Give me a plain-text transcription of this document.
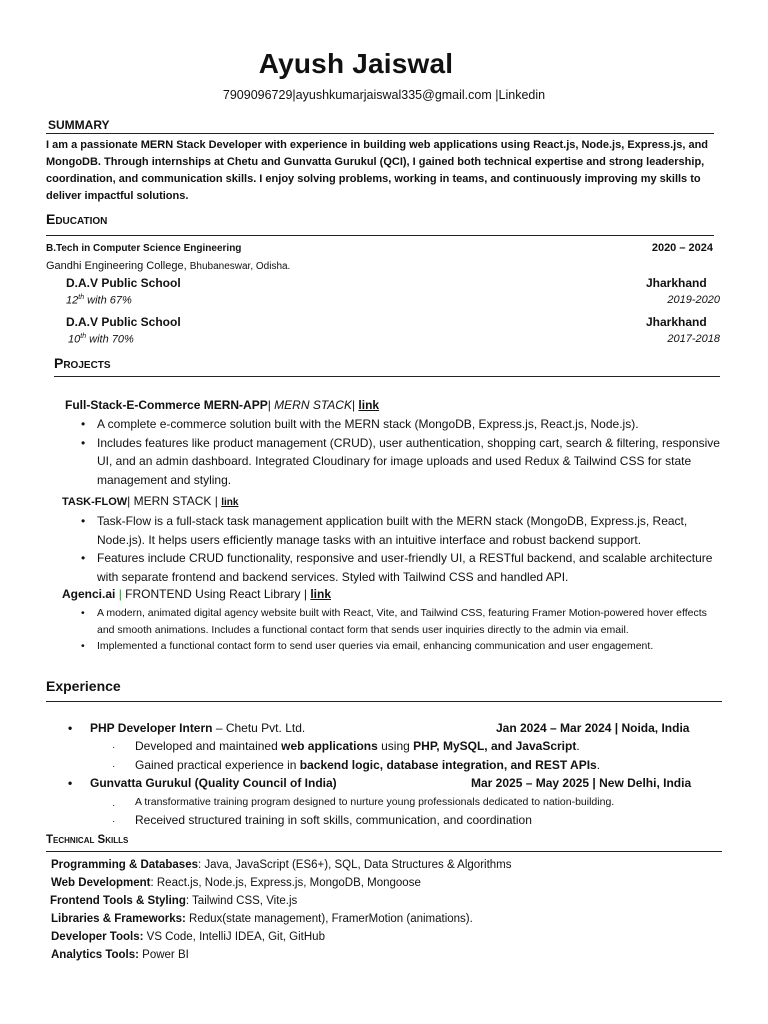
Ayush Jaiswal
7909096729|ayushkumarjaiswal335@gmail.com |Linkedin
SUMMARY
I am a passionate MERN Stack Developer with experience in building web applications using React.js, Node.js, Express.js, and MongoDB. Through internships at Chetu and Gunvatta Gurukul (QCI), I gained both technical expertise and strong leadership, coordination, and communication skills. I enjoy solving problems, working in teams, and continuously improving my skills to deliver impactful solutions.
Education
B.Tech in Computer Science Engineering	2020 – 2024
Gandhi Engineering College, Bhubaneswar, Odisha.
D.A.V Public School	Jharkhand
12th with 67%	2019-2020
D.A.V Public School	Jharkhand
10th with 70%	2017-2018
Projects
Full-Stack-E-Commerce MERN-APP| MERN STACK| link
• A complete e-commerce solution built with the MERN stack (MongoDB, Express.js, React.js, Node.js).
• Includes features like product management (CRUD), user authentication, shopping cart, search & filtering, responsive UI, and an admin dashboard. Integrated Cloudinary for image uploads and used Redux & Tailwind CSS for state management and styling.
TASK-FLOW| MERN STACK | link
• Task-Flow is a full-stack task management application built with the MERN stack (MongoDB, Express.js, React, Node.js). It helps users efficiently manage tasks with an intuitive interface and robust backend support.
• Features include CRUD functionality, responsive and user-friendly UI, a RESTful backend, and scalable architecture with separate frontend and backend services. Styled with Tailwind CSS and handled API.
Agenci.ai | FRONTEND Using React Library | link
• A modern, animated digital agency website built with React, Vite, and Tailwind CSS, featuring Framer Motion-powered hover effects and smooth animations. Includes a functional contact form that sends user inquiries directly to the admin via email.
• Implemented a functional contact form to send user queries via email, enhancing communication and user engagement.
Experience
• PHP Developer Intern – Chetu Pvt. Ltd.	Jan 2024 – Mar 2024 | Noida, India
· Developed and maintained web applications using PHP, MySQL, and JavaScript.
· Gained practical experience in backend logic, database integration, and REST APIs.
• Gunvatta Gurukul (Quality Council of India)	Mar 2025 – May 2025 | New Delhi, India
· A transformative training program designed to nurture young professionals dedicated to nation-building.
· Received structured training in soft skills, communication, and coordination
Technical Skills
Programming & Databases: Java, JavaScript (ES6+), SQL, Data Structures & Algorithms
Web Development: React.js, Node.js, Express.js, MongoDB, Mongoose
Frontend Tools & Styling: Tailwind CSS, Vite.js
Libraries & Frameworks: Redux(state management), FramerMotion (animations).
Developer Tools: VS Code, IntelliJ IDEA, Git, GitHub
Analytics Tools: Power BI
